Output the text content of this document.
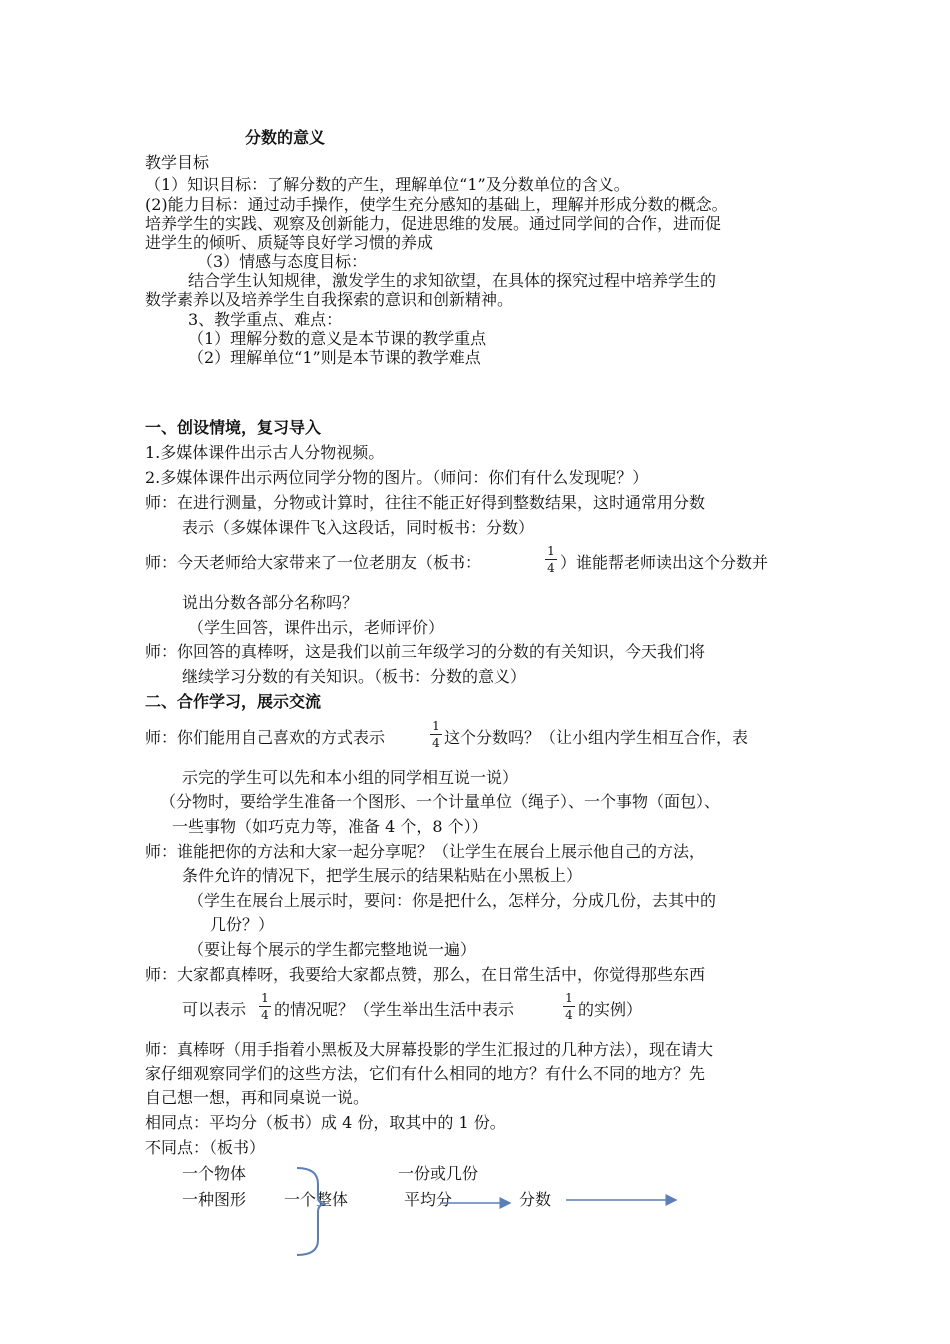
分数的意义
教学目标
（1）知识目标：了解分数的产生，理解单位“1”及分数单位的含义。
(2)能力目标：通过动手操作，使学生充分感知的基础上，理解并形成分数的概念。
培养学生的实践、观察及创新能力，促进思维的发展。通过同学间的合作，进而促
进学生的倾听、质疑等良好学习惯的养成
（3）情感与态度目标：
结合学生认知规律，激发学生的求知欲望，在具体的探究过程中培养学生的
数学素养以及培养学生自我探索的意识和创新精神。
3、教学重点、难点：
（1）理解分数的意义是本节课的教学重点
（2）理解单位“1”则是本节课的教学难点
一、创设情境，复习导入
1.多媒体课件出示古人分物视频。
2.多媒体课件出示两位同学分物的图片。（师问：你们有什么发现呢？）
师：在进行测量，分物或计算时，往往不能正好得到整数结果，这时通常用分数
表示（多媒体课件飞入这段话，同时板书：分数）
师：今天老师给大家带来了一位老朋友（板书：
1
4 ）谁能帮老师读出这个分数并
说出分数各部分名称吗？
（学生回答，课件出示，老师评价）
师：你回答的真棒呀，这是我们以前三年级学习的分数的有关知识，今天我们将
继续学习分数的有关知识。（板书：分数的意义）
二、合作学习，展示交流
师：你们能用自己喜欢的方式表示
1
4 这个分数吗？（让小组内学生相互合作，表
示完的学生可以先和本小组的同学相互说一说）
（分物时，要给学生准备一个图形、一个计量单位（绳子）、一个事物（面包）、
一些事物（如巧克力等，准备 4 个，8 个））
师：谁能把你的方法和大家一起分享呢？（让学生在展台上展示他自己的方法，
条件允许的情况下，把学生展示的结果粘贴在小黑板上）
（学生在展台上展示时，要问：你是把什么，怎样分，分成几份，去其中的
几份？）
（要让每个展示的学生都完整地说一遍）
师：大家都真棒呀，我要给大家都点赞，那么，在日常生活中，你觉得那些东西
可以表示
1
4 的情况呢？（学生举出生活中表示
1
4 的实例）
师：真棒呀（用手指着小黑板及大屏幕投影的学生汇报过的几种方法），现在请大
家仔细观察同学们的这些方法，它们有什么相同的地方？有什么不同的地方？先
自己想一想，再和同桌说一说。
相同点：平均分（板书）成 4 份，取其中的 1 份。
不同点：（板书）
一个物体
一种图形 一个整体
一份或几份
平均分	分数
